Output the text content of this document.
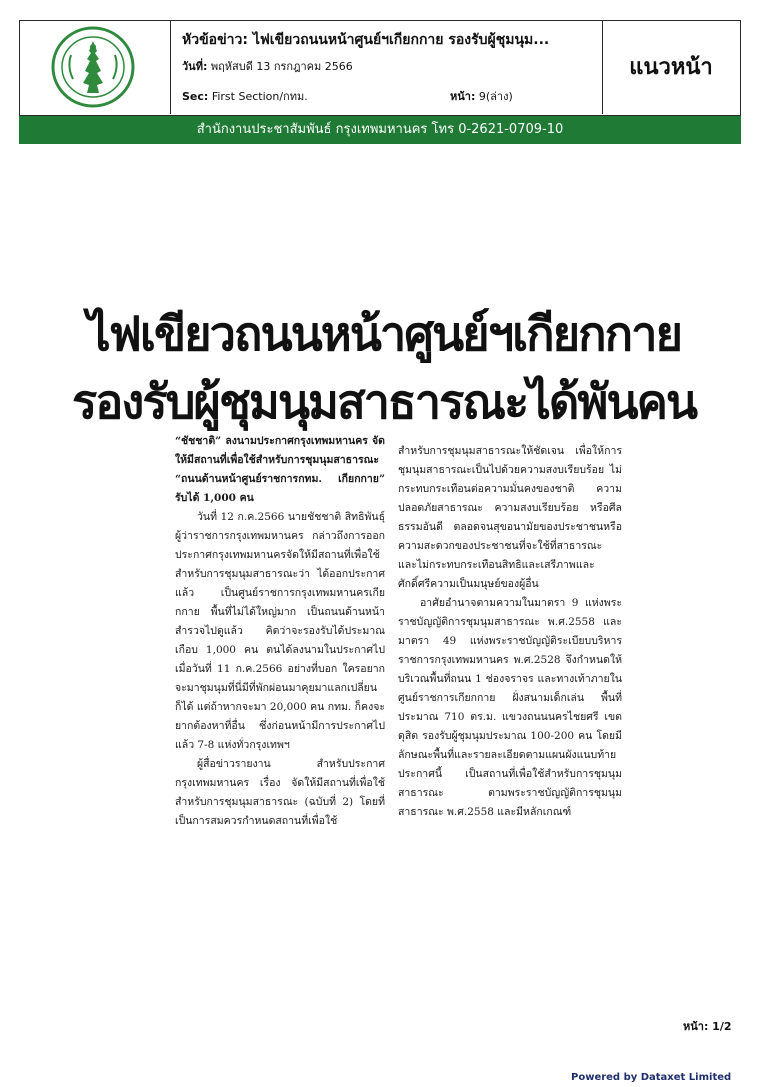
หัวข้อข่าว: ไฟเขียวถนนหน้าศูนย์ฯเกียกกาย รองรับผู้ชุมนุม...
วันที่: พฤหัสบดี 13 กรกฎาคม 2566
Sec: First Section/กทม.	หน้า: 9(ล่าง)
แนวหน้า
สำนักงานประชาสัมพันธ์ กรุงเทพมหานคร โทร 0-2621-0709-10
ไฟเขียวถนนหน้าศูนย์ฯเกียกกาย
รองรับผู้ชุมนุมสาธารณะได้พันคน

“ชัชชาติ” ลงนามประกาศกรุงเทพมหานคร จัดให้มีสถานที่เพื่อใช้สำหรับการชุมนุมสาธารณะ “ถนนด้านหน้าศูนย์ราชการกทม. เกียกกาย” รับได้ 1,000 คน

วันที่ 12 ก.ค.2566 นายชัชชาติ สิทธิพันธุ์ ผู้ว่าราชการกรุงเทพมหานคร กล่าวถึงการออกประกาศกรุงเทพมหานครจัดให้มีสถานที่เพื่อใช้สำหรับการชุมนุมสาธารณะว่า ได้ออกประกาศแล้ว เป็นศูนย์ราชการกรุงเทพมหานครเกียกกาย พื้นที่ไม่ได้ใหญ่มาก เป็นถนนด้านหน้า สำรวจไปดูแล้ว คิดว่าจะรองรับได้ประมาณเกือบ 1,000 คน ตนได้ลงนามในประกาศไปเมื่อวันที่ 11 ก.ค.2566 อย่างที่บอก ใครอยากจะมาชุมนุมที่นี่มีที่พักผ่อนมาคุยมาแลกเปลี่ยนก็ได้ แต่ถ้าหากจะมา 20,000 คน กทม. ก็คงจะยากต้องหาที่อื่น ซึ่งก่อนหน้ามีการประกาศไปแล้ว 7-8 แห่งทั่วกรุงเทพฯ

ผู้สื่อข่าวรายงาน สำหรับประกาศกรุงเทพมหานคร เรื่อง จัดให้มีสถานที่เพื่อใช้สำหรับการชุมนุมสาธารณะ (ฉบับที่ 2) โดยที่เป็นการสมควรกำหนดสถานที่เพื่อใช้

สำหรับการชุมนุมสาธารณะให้ชัดเจน เพื่อให้การชุมนุมสาธารณะเป็นไปด้วยความสงบเรียบร้อย ไม่กระทบกระเทือนต่อความมั่นคงของชาติ ความปลอดภัยสาธารณะ ความสงบเรียบร้อย หรือศีลธรรมอันดี ตลอดจนสุขอนามัยของประชาชนหรือความสะดวกของประชาชนที่จะใช้ที่สาธารณะ และไม่กระทบกระเทือนสิทธิและเสรีภาพและศักดิ์ศรีความเป็นมนุษย์ของผู้อื่น

อาศัยอำนาจตามความในมาตรา 9 แห่งพระราชบัญญัติการชุมนุมสาธารณะ พ.ศ.2558 และมาตรา 49 แห่งพระราชบัญญัติระเบียบบริหารราชการกรุงเทพมหานคร พ.ศ.2528 จึงกำหนดให้บริเวณพื้นที่ถนน 1 ช่องจราจร และทางเท้าภายในศูนย์ราชการเกียกกาย ฝั่งสนามเด็กเล่น พื้นที่ประมาณ 710 ตร.ม. แขวงถนนนครไชยศรี เขตดุสิต รองรับผู้ชุมนุมประมาณ 100-200 คน โดยมีลักษณะพื้นที่และรายละเอียดตามแผนผังแนบท้ายประกาศนี้ เป็นสถานที่เพื่อใช้สำหรับการชุมนุมสาธารณะ ตามพระราชบัญญัติการชุมนุมสาธารณะ พ.ศ.2558 และมีหลักเกณฑ์

หน้า: 1/2
Powered by Dataxet Limited
